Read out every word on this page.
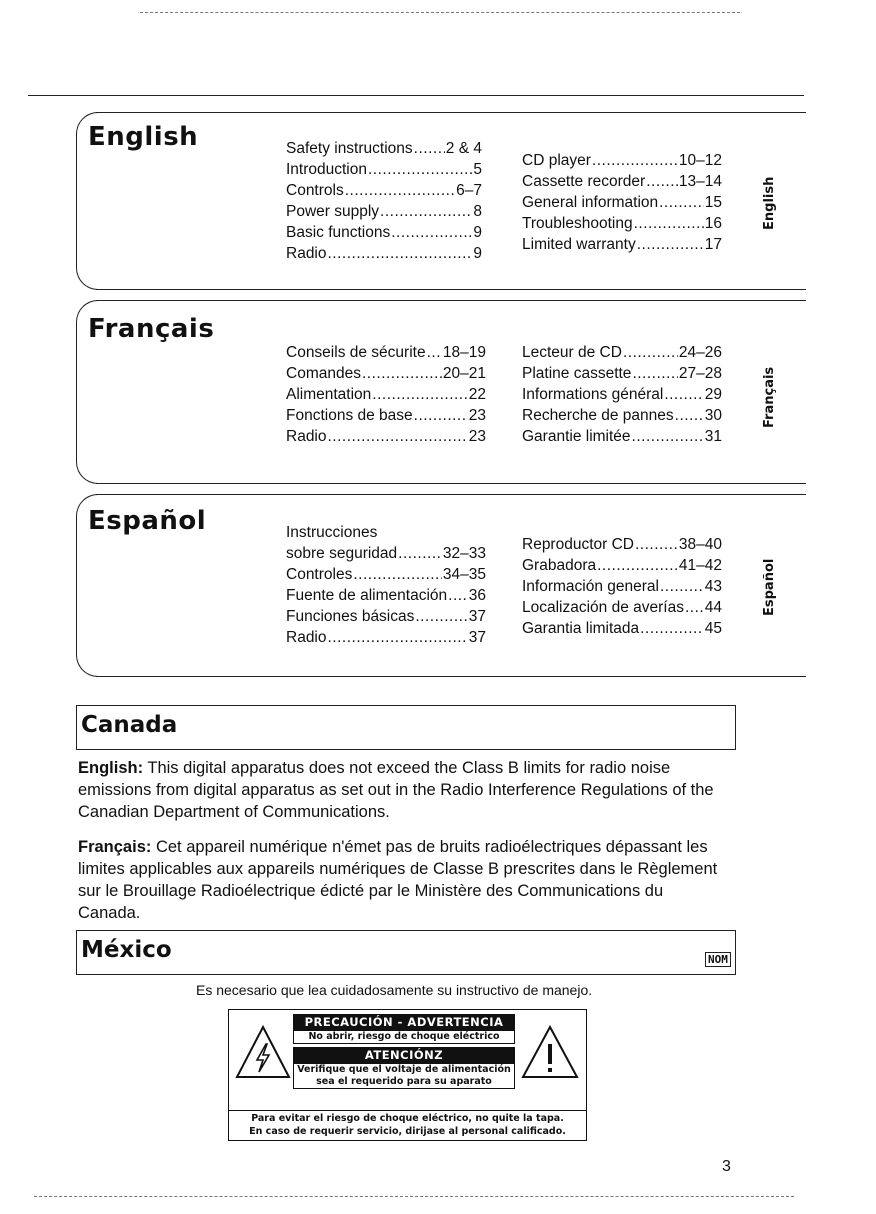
English	Safety instructions ..... 2 & 4
Introduction .....	5
Controls .....	6–7
Power supply .....	8
Basic functions .....	9
Radio .....	9
CD player .....	10–12
Cassette recorder ..... 13–14
General information .....	15
Troubleshooting .....	16
Limited warranty .....	17
English
Français
Conseils de sécurite ..... 18–19
Comandes .....	20–21
Alimentation .....	22
Fonctions de base .....	23
Radio .....	23
Lecteur de CD .....	24–26
Platine cassette .....	27–28
Informations général .....	29
Recherche de pannes ..... 30
Garantie limitée .....	31
Français
Español	Instrucciones
sobre seguridad .....	32–33
Controles .....	34–35
Fuente de alimentación ..... 36
Funciones básicas .....	37
Radio .....	37
Reproductor CD .....	38–40
Grabadora .....	41–42
Información general .....	43
Localización de averías ..... 44
Garantia limitada .....	45
Español
Canada
English: This digital apparatus does not exceed the Class B limits for radio noise emissions from digital apparatus as set out in the Radio Interference Regulations of the Canadian Department of Communications.
Français: Cet appareil numérique n'émet pas de bruits radioélectriques dépassant les limites applicables aux appareils numériques de Classe B prescrites dans le Règlement sur le Brouillage Radioélectrique édicté par le Ministère des Communications du Canada.
México	NOM
Es necesario que lea cuidadosamente su instructivo de manejo.
PRECAUCIÓN - ADVERTENCIA
No abrir, riesgo de choque eléctrico
ATENCIÓNZ
Verifique que el voltaje de alimentación
sea el requerido para su aparato
Para evitar el riesgo de choque eléctrico, no quite la tapa.
En caso de requerir servicio, dirijase al personal calificado.
3
